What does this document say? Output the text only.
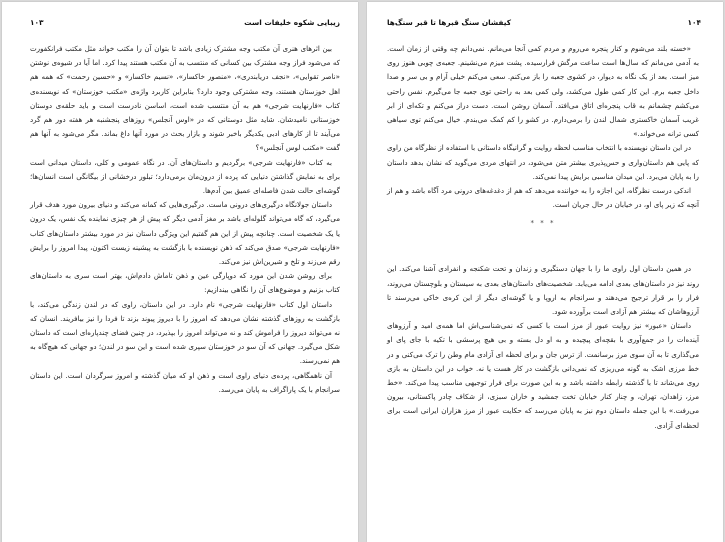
زیبایی شکوه خلیفات است
۱۰۳

بین اثرهای هنری آن مکتب وجه مشترک زیادی باشد تا بتوان آن را مکتب خواند مثل مکتب فرانکفورت که می‌شود فراز وجه مشترک بین کسانی که منتسب به آن مکتب هستند پیدا کرد. اما آیا در شیوه‌ی نوشتن «ناصر تقوایی»، «نجف دریابندری»، «منصور خاکسار»، «نسیم خاکسار» و «حسین رحمت» که همه هم اهل خوزستان هستند، وجه مشترکی وجود دارد؟ بنابراین کاربرد واژه‌ی «مکتب خوزستان» که نویسنده‌ی کتاب «فارنهایت شرجی» هم به آن منتسب شده است، اساسن نادرست است و باید حلقه‌ی دوستان خوزستانی نامیدشان. شاید مثل دوستانی که در «اوس آنجلس» روزهای پنجشنبه هر هفته دور هم گرد می‌آیند تا از کارهای ادبی یکدیگر باخبر شوند و بازار بحث در مورد آنها داغ بماند. مگر می‌شود به آنها هم گفت «مکتب لوس آنجلس»؟

به کتاب «فارنهایت شرجی» برگردیم و داستان‌های آن. در نگاه عمومی و کلی، داستان میدانی است برای به نمایش گذاشتن دنیایی که پرده از درون‌مان برمی‌دارد؛ تبلور درخشانی از بیگانگی است انسان‌ها؛ گوشه‌ای حالت شدن فاصله‌ای عمیق بین آدم‌ها.

داستان جولانگاه درگیری‌های درونی ماست. درگیری‌هایی که کمانه می‌کند و دنیای بیرون مورد هدف قرار می‌گیرد، که گاه می‌تواند گلوله‌ای باشد بر مغز آدمی دیگر که پیش از هر چیزی نماینده یک نفس، یک درون یا یک شخصیت است. چنانچه پیش از این هم گفتیم این ویژگی داستان نیز در مورد بیشتر داستان‌های کتاب «فارنهایت شرجی» صدق می‌کند که ذهن نویسنده با بازگشت به پیشینه زیست اکنون، پیدا امروز را برایش رقم می‌زند و تلخ و شیرین‌اش نیز می‌کند.

برای روشن شدن این مورد که دوپارگی عین و ذهن تاماش دادم‌اش، بهتر است سری به داستان‌های کتاب بزنیم و موضوع‌های آن را نگاهی بیندازیم:

داستان اول کتاب «فارنهایت شرجی» نام دارد. در این داستان، راوی که در لندن زندگی می‌کند، با بازگشت به روزهای گذشته نشان می‌دهد که امروز را با دیروز پیوند بزند تا فردا را نیز بیافریند. انسان که نه می‌تواند دیروز را فراموش کند و نه می‌تواند امروز را بپذیرد، در چنین فضای چندپاره‌ای است که داستان شکل می‌گیرد. جهانی که آن سو در خوزستان سپری شده است و این سو در لندن؛ دو جهانی که هیچ‌گاه به هم نمی‌رسند.

آن ناهمگاهی، پرده‌ی دنیای راوی است و ذهن او که میان گذشته و امروز سرگردان است. این داستان سرانجام با یک پاراگراف به پایان می‌رسد.

۱۰۴
کیفشان سنگ قبرها تا قبر سنگ‌ها

«خسته بلند می‌شوم و کنار پنجره می‌روم و مردم کمی آنجا می‌مانم. نمی‌دانم چه وقتی از زمان است. به آدمی می‌مانم که سال‌ها است ساعت مرگش فرارسیده. پشت میزم می‌نشینم. جعبه‌ی چوبی هنوز روی میز است. بعد از یک نگاه به دیوار، در کشوی جعبه را باز می‌کنم. سعی می‌کنم خیلی آرام و بی سر و صدا داخل جعبه برم. این کار کمی طول می‌کشد، ولی کمی بعد به راحتی توی جعبه جا می‌گیرم. نفس راحتی می‌کشم چشمانم به قاب پنجره‌ای اتاق می‌افتد. آسمان روشن است. دست دراز می‌کنم و تکه‌ای از ابر غریب آسمان خاکستری شمال لندن را برمی‌دارم. در کشو را کم کمک می‌بندم. خیال می‌کنم توی سیاهی کسی ترانه می‌خواند.»

در این داستان نویسنده با انتخاب مناسب لحظه روایت و گرانیگاه داستانی با استفاده از نظرگاه من راوی که پایی هم داستان‌واری و حس‌پذیری بیشتر متن می‌شود، در انتهای مردی می‌گوید که نشان بدهد داستان را به پایان می‌برد. این میدان مناسبی برایش پیدا نمی‌کند.

اندکی درست نظرگاه، این اجازه را به خواننده می‌دهد که هم از دغدغه‌های درونی مرد آگاه باشد و هم از آنچه که زیر پای او، در خیابان در حال جریان است.

* * *

در همین داستان اول راوی ما را با جهان دستگیری و زندان و تحت شکنجه و انفرادی آشنا می‌کند. این روند نیز در داستان‌های بعدی ادامه می‌یابد. شخصیت‌های داستان‌های بعدی به سیستان و بلوچستان می‌روند، فرار را بر قرار ترجیح می‌دهند و سرانجام به اروپا و یا گوشه‌ای دیگر از این کره‌ی خاکی می‌رسند تا آرزوهاشان که بیشتر هم آزادی است برآورده شود.

داستان «عبور» نیز روایت عبور از مرز است با کسی که نمی‌شناسی‌اش اما همه‌ی امید و آرزوهای آینده‌ات را در جمع‌آوری با بقچه‌ای پیچیده و به او دل بسته و بی هیچ پرسشی با تکیه با جای پای او می‌گذاری تا به آن سوی مرز برسانمت. از ترس جان و برای لحظه ای آزادی مام وطن را ترک می‌کنی و در خط مرزی اشک به گونه می‌ریزی که نمی‌دانی بازگشت در کار هست یا نه. خواب در این داستان به بازی روی می‌شاند تا با گذشته رابطه داشته باشد و به این صورت برای فرار توجیهی مناسب پیدا می‌کند. «خط مرز، زاهدان، تهران، و چنار کنار خیابان تخت جمشید و خاران سبزی، از شکاف چادر پاکستانی، بیرون می‌رفت.» با این جمله داستان دوم نیز به پایان می‌رسد که حکایت عبور از مرز هزاران ایرانی است برای لحظه‌ای آزادی.
